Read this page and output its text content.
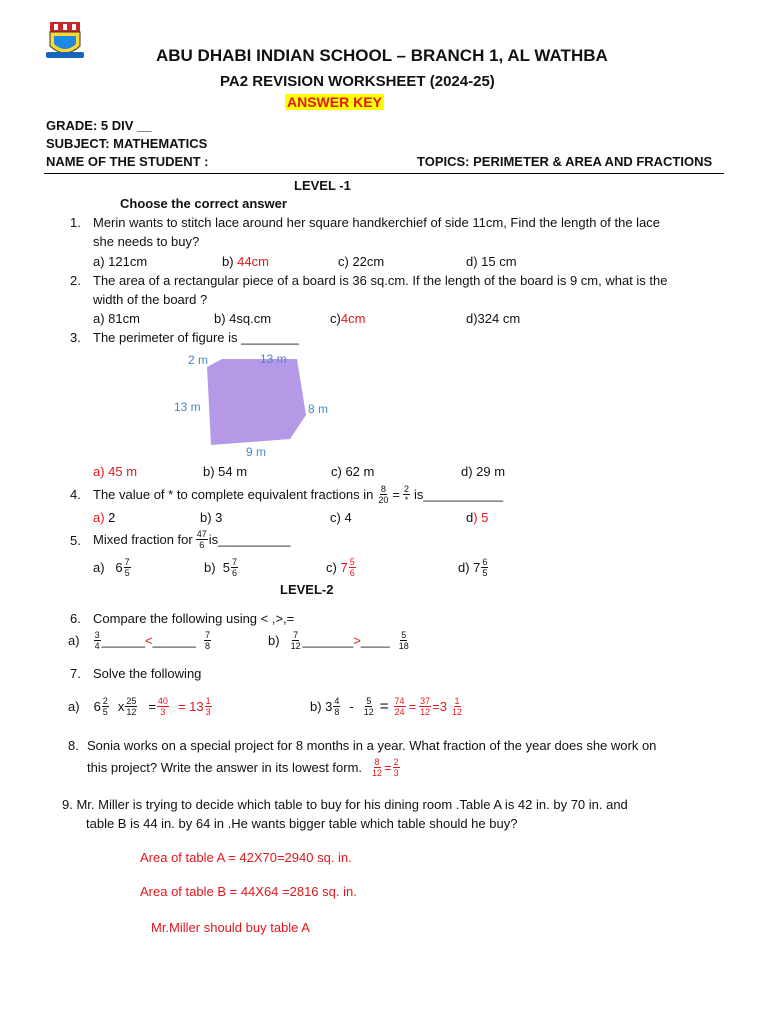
ABU DHABI INDIAN SCHOOL – BRANCH 1, AL WATHBA
PA2 REVISION WORKSHEET (2024-25)
ANSWER KEY
GRADE: 5 DIV __
SUBJECT: MATHEMATICS
NAME OF THE STUDENT :	TOPICS: PERIMETER & AREA AND FRACTIONS
LEVEL -1
Choose the correct answer
1. Merin wants to stitch lace around her square handkerchief of side 11cm, Find the length of the lace
she needs to buy?
a) 121cm	b) 44cm	c) 22cm	d) 15 cm
2. The area of a rectangular piece of a board is 36 sq.cm. If the length of the board is 9 cm, what is the
width of the board ?
a) 81cm	b) 4sq.cm	c)4cm	d)324 cm
3. The perimeter of figure is ________
2 m	13 m
13 m	8 m
9 m
a) 45 m	b) 54 m	c) 62 m	d) 29 m
4. The value of * to complete equivalent fractions in $\frac{8}{20} = \frac{2}{*}$ is___________
a) 2	b) 3	c) 4	d) 5
5. Mixed fraction for $\frac{47}{6}$ is__________
a)   $6 \frac{7}{5}$	b)  $5 \frac{7}{6}$	c) $7 \frac{5}{6}$	d) $7 \frac{6}{5}$
LEVEL-2
6. Compare the following using < ,>,=
$a) \frac{3}{4}$ ______ < ______ $\frac{7}{8}$	$b) \frac{7}{12}$ _______ > ____ $\frac{5}{18}$
7. Solve the following
a) $6 \frac{2}{5}$ x $\frac{25}{12} = \frac{40}{3} = 13 \frac{1}{3}$	b) $3 \frac{4}{8} - \frac{5}{12} = \frac{74}{24} = \frac{37}{12} =3 \frac{1}{12}$
8. Sonia works on a special project for 8 months in a year. What fraction of the year does she work on
this project? Write the answer in its lowest form. $\frac{8}{12} = \frac{2}{3}$
9. Mr. Miller is trying to decide which table to buy for his dining room .Table A is 42 in. by 70 in. and
table B is 44 in. by 64 in .He wants bigger table which table should he buy?
Area of table A = 42X70=2940 sq. in.
Area of table B = 44X64 =2816 sq. in.
Mr.Miller should buy table A
